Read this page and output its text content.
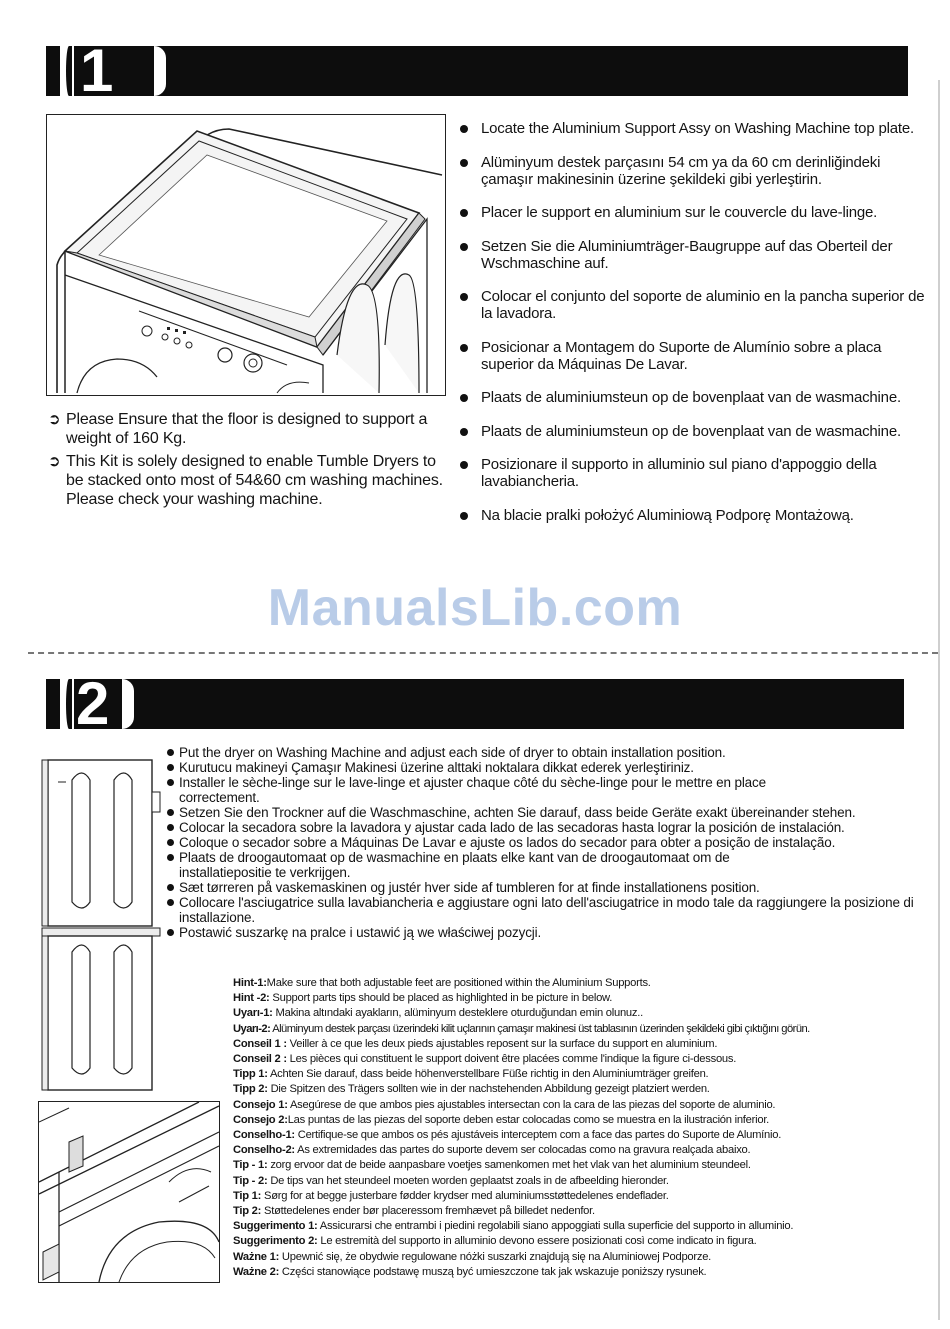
1
➲ Please Ensure that the floor is designed to support a weight of 160 Kg.
➲ This Kit is solely designed to enable Tumble Dryers to be stacked onto most of 54&60 cm washing machines. Please check your washing machine.
Locate the Aluminium Support Assy on Washing Machine top plate.
Alüminyum destek parçasını 54 cm ya da 60 cm derinliğindeki çamaşır makinesinin üzerine şekildeki gibi yerleştirin.
Placer le support en aluminium sur le couvercle du lave-linge.
Setzen Sie die Aluminiumträger-Baugruppe auf das Oberteil der Wschmaschine auf.
Colocar el conjunto del soporte de aluminio en la pancha superior de la lavadora.
Posicionar a Montagem do Suporte de Alumínio sobre a placa superior da Máquinas De Lavar.
Plaats de aluminiumsteun op de bovenplaat van de wasmachine.
Plaats de aluminiumsteun op de bovenplaat van de wasmachine.
Posizionare il supporto in alluminio sul piano d'appoggio della lavabiancheria.
Na blacie pralki położyć Aluminiową Podporę Montażową.
ManualsLib.com
2
Put the dryer on Washing Machine and adjust each side of dryer to obtain installation position.
Kurutucu makineyi Çamaşır Makinesi üzerine alttaki noktalara dikkat ederek yerleştiriniz.
Installer le sèche-linge sur le lave-linge et ajuster chaque côté du sèche-linge pour le mettre en place correctement.
Setzen Sie den Trockner auf die Waschmaschine, achten Sie darauf, dass beide Geräte exakt übereinander stehen.
Colocar la secadora sobre la lavadora y ajustar cada lado de las secadoras hasta lograr la posición de instalación.
Coloque o secador sobre a Máquinas De Lavar e ajuste os lados do secador para obter a posição de instalação.
Plaats de droogautomaat op de wasmachine en plaats elke kant van de droogautomaat om de installatiepositie te verkrijgen.
Sæt tørreren på vaskemaskinen og justér hver side af tumbleren for at finde installationens position.
Collocare l'asciugatrice sulla lavabiancheria e aggiustare ogni lato dell'asciugatrice in modo tale da raggiungere la posizione di installazione.
Postawić suszarkę na pralce i ustawić ją we właściwej pozycji.
Hint-1:Make sure that both adjustable feet are positioned within the Aluminium Supports.
Hint -2: Support parts tips should be placed as highlighted in be picture in below.
Uyarı-1: Makina altındaki ayakların, alüminyum desteklere oturduğundan emin olunuz..
Uyarı-2: Alüminyum destek parçası üzerindeki kilit uçlarının çamaşır makinesi üst tablasının üzerinden şekildeki gibi çıktığını görün.
Conseil 1 : Veiller à ce que les deux pieds ajustables reposent sur la surface du support en aluminium.
Conseil 2 : Les pièces qui constituent le support doivent être placées comme l'indique la figure ci-dessous.
Tipp 1: Achten Sie darauf, dass beide höhenverstellbare Füße richtig in den Aluminiumträger greifen.
Tipp 2: Die Spitzen des Trägers sollten wie in der nachstehenden Abbildung gezeigt platziert werden.
Consejo 1: Asegúrese de que ambos pies ajustables intersectan con la cara de las piezas del soporte de aluminio.
Consejo 2:Las puntas de las piezas del soporte deben estar colocadas como se muestra en la ilustración inferior.
Conselho-1: Certifique-se que ambos os pés ajustáveis interceptem com a face das partes do Suporte de Alumínio.
Conselho-2: As extremidades das partes do suporte devem ser colocadas como na gravura realçada abaixo.
Tip - 1: zorg ervoor dat de beide aanpasbare voetjes samenkomen met het vlak van het aluminium steundeel.
Tip - 2: De tips van het steundeel moeten worden geplaatst zoals in de afbeelding hieronder.
Tip 1: Sørg for at begge justerbare fødder krydser med aluminiumsstøttedelenes endeflader.
Tip 2: Støttedelenes ender bør placeressom fremhævet på billedet nedenfor.
Suggerimento 1: Assicurarsi che entrambi i piedini regolabili siano appoggiati sulla superficie del supporto in alluminio.
Suggerimento 2: Le estremità del supporto in alluminio devono essere posizionati così come indicato in figura.
Ważne 1: Upewnić się, że obydwie regulowane nóżki suszarki znajdują się na Aluminiowej Podporze.
Ważne 2: Części stanowiące podstawę muszą być umieszczone tak jak wskazuje poniższy rysunek.
